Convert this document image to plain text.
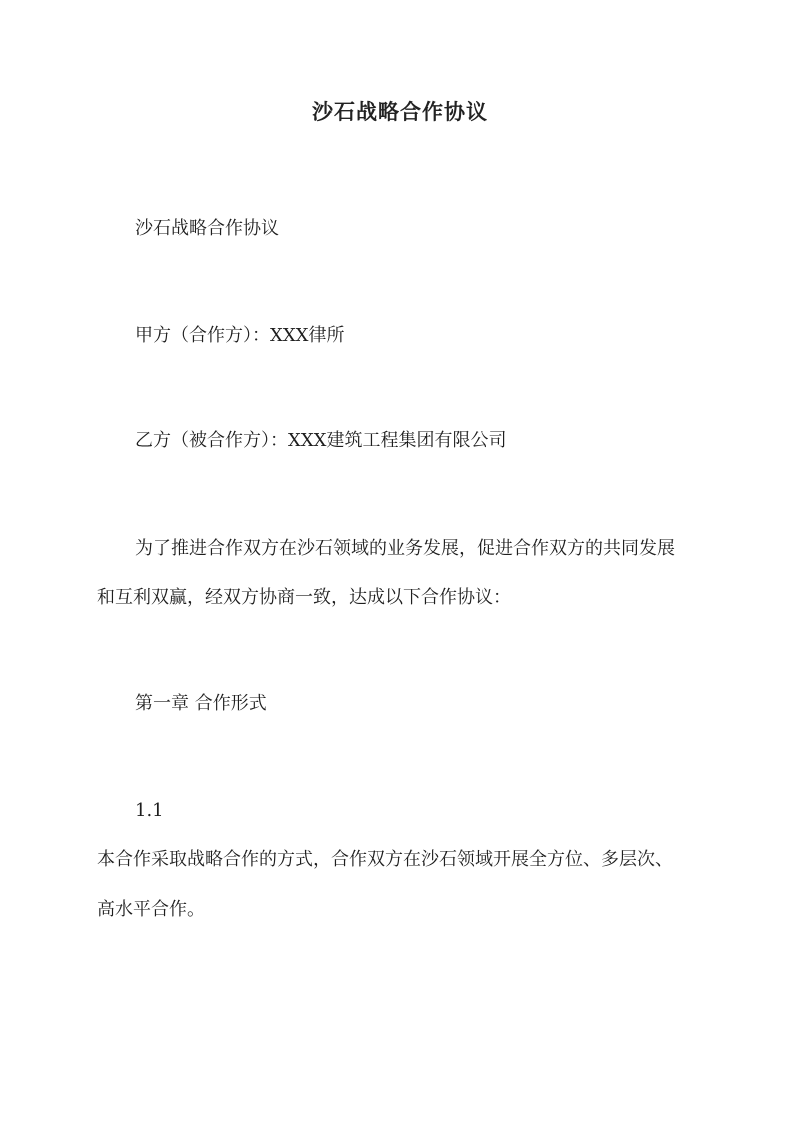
沙石战略合作协议
沙石战略合作协议
甲方（合作方）：XXX律所
乙方（被合作方）：XXX建筑工程集团有限公司
为了推进合作双方在沙石领域的业务发展，促进合作双方的共同发展
和互利双赢，经双方协商一致，达成以下合作协议：
第一章 合作形式
1.1
本合作采取战略合作的方式，合作双方在沙石领域开展全方位、多层次、
高水平合作。
